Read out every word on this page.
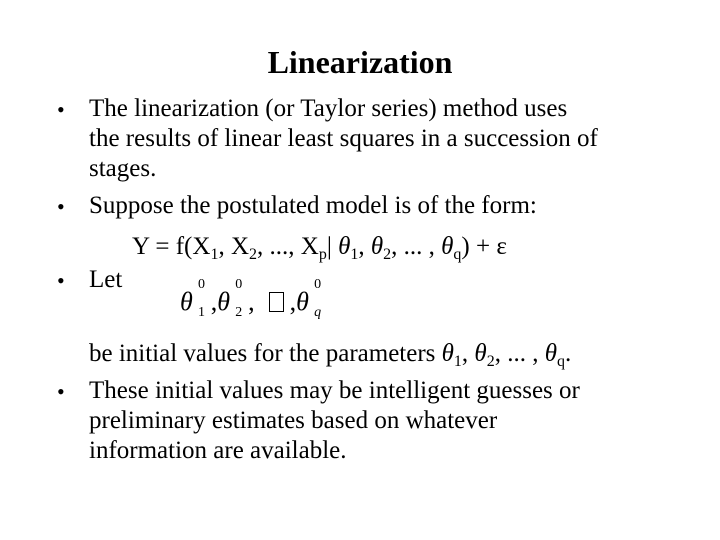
Linearization
• The linearization (or Taylor series) method uses
the results of linear least squares in a succession of
stages.
• Suppose the postulated model is of the form:
$Y = f(X_1$, $X_2$, ..., $X_p|$ $\theta_1$, $\theta_2$, ... , $\theta_q) + \varepsilon$
• Let
θ
0
1 ,θ
0
2 , ,θ
0
q
be initial values for the parameters $\theta_1$, $\theta_2$, ... , $\theta_q$.
• These initial values may be intelligent guesses or
preliminary estimates based on whatever
information are available.
